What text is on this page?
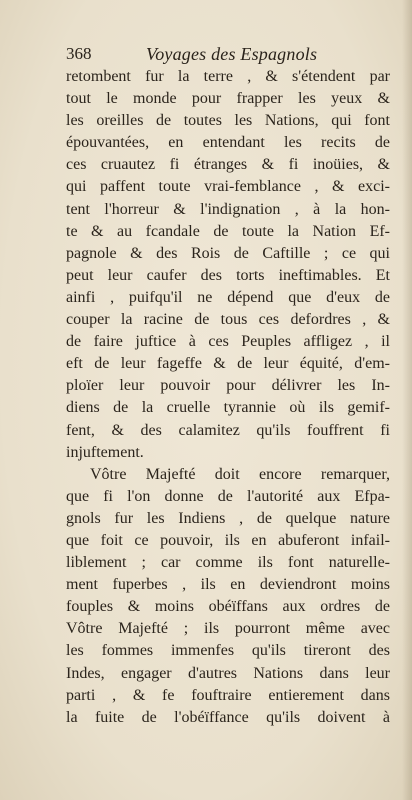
368	Voyages des Espagnols
retombent fur la terre , & s'étendent par
tout le monde pour frapper les yeux &
les oreilles de toutes les Nations, qui font
épouvantées, en entendant les recits de
ces cruautez fi étranges & fi inoüies, &
qui paffent toute vrai-femblance , & exci-
tent l'horreur & l'indignation , à la hon-
te & au fcandale de toute la Nation Ef-
pagnole & des Rois de Caftille ; ce qui
peut leur caufer des torts ineftimables. Et
ainfi , puifqu'il ne dépend que d'eux de
couper la racine de tous ces defordres , &
de faire juftice à ces Peuples affligez , il
eft de leur fageffe & de leur équité, d'em-
ploïer leur pouvoir pour délivrer les In-
diens de la cruelle tyrannie où ils gemif-
fent, & des calamitez qu'ils fouffrent fi
injuftement.
Vôtre Majefté doit encore remarquer,
que fi l'on donne de l'autorité aux Efpa-
gnols fur les Indiens , de quelque nature
que foit ce pouvoir, ils en abuferont infail-
liblement ; car comme ils font naturelle-
ment fuperbes , ils en deviendront moins
fouples & moins obéïffans aux ordres de
Vôtre Majefté ; ils pourront même avec
les fommes immenfes qu'ils tireront des
Indes, engager d'autres Nations dans leur
parti , & fe fouftraire entierement dans
la fuite de l'obéïffance qu'ils doivent à
